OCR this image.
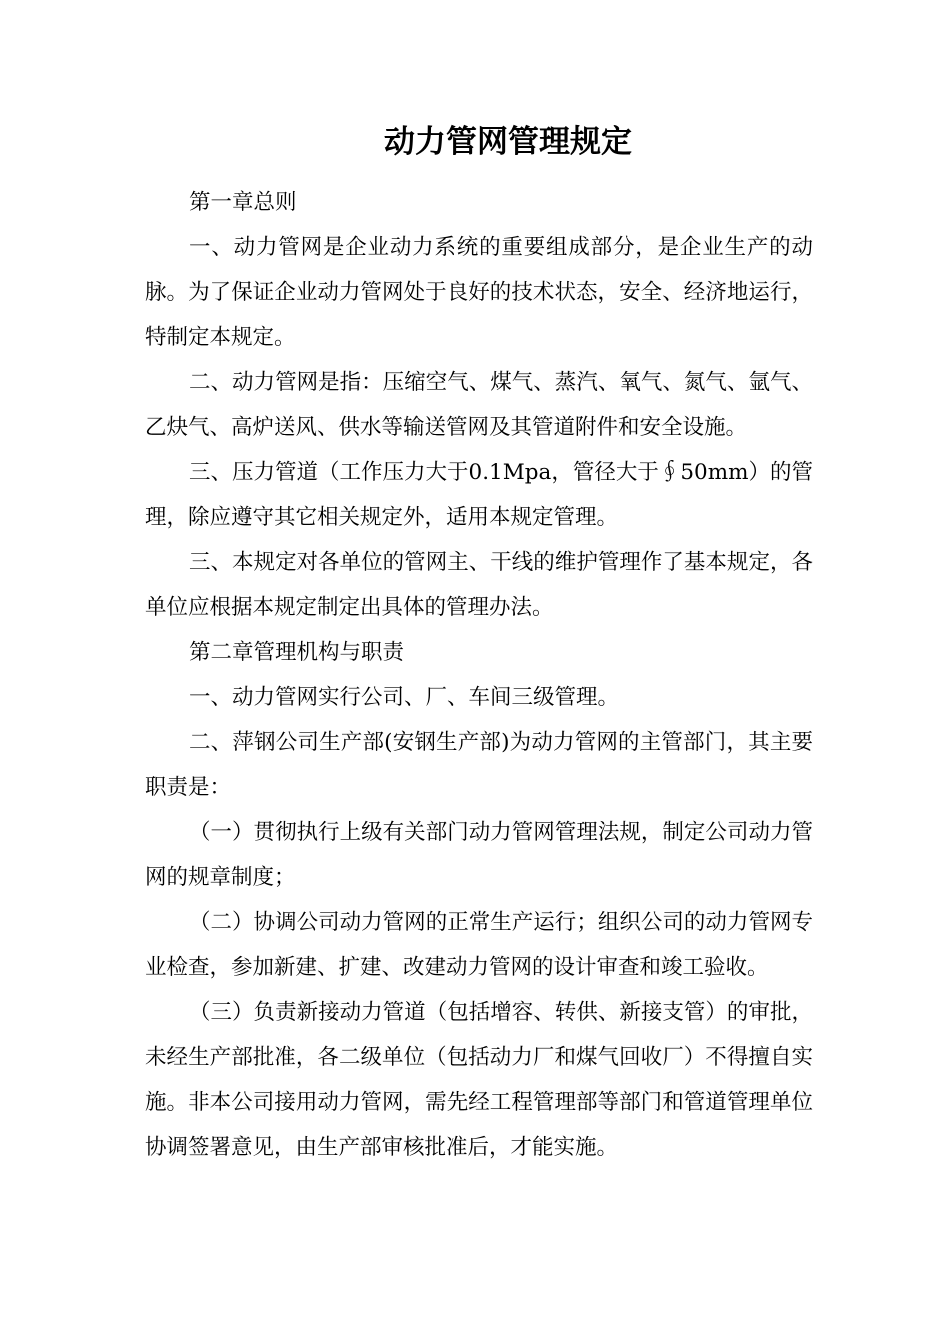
动力管网管理规定

第一章总则

一、动力管网是企业动力系统的重要组成部分，是企业生产的动脉。为了保证企业动力管网处于良好的技术状态，安全、经济地运行，特制定本规定。

二、动力管网是指：压缩空气、煤气、蒸汽、氧气、氮气、氩气、乙炔气、高炉送风、供水等输送管网及其管道附件和安全设施。

三、压力管道（工作压力大于0.1Mpa，管径大于∮50mm）的管理，除应遵守其它相关规定外，适用本规定管理。

三、本规定对各单位的管网主、干线的维护管理作了基本规定，各单位应根据本规定制定出具体的管理办法。

第二章管理机构与职责

一、动力管网实行公司、厂、车间三级管理。

二、萍钢公司生产部(安钢生产部)为动力管网的主管部门，其主要职责是：

（一）贯彻执行上级有关部门动力管网管理法规，制定公司动力管网的规章制度；

（二）协调公司动力管网的正常生产运行；组织公司的动力管网专业检查，参加新建、扩建、改建动力管网的设计审查和竣工验收。

（三）负责新接动力管道（包括增容、转供、新接支管）的审批，未经生产部批准，各二级单位（包括动力厂和煤气回收厂）不得擅自实施。非本公司接用动力管网，需先经工程管理部等部门和管道管理单位协调签署意见，由生产部审核批准后，才能实施。
